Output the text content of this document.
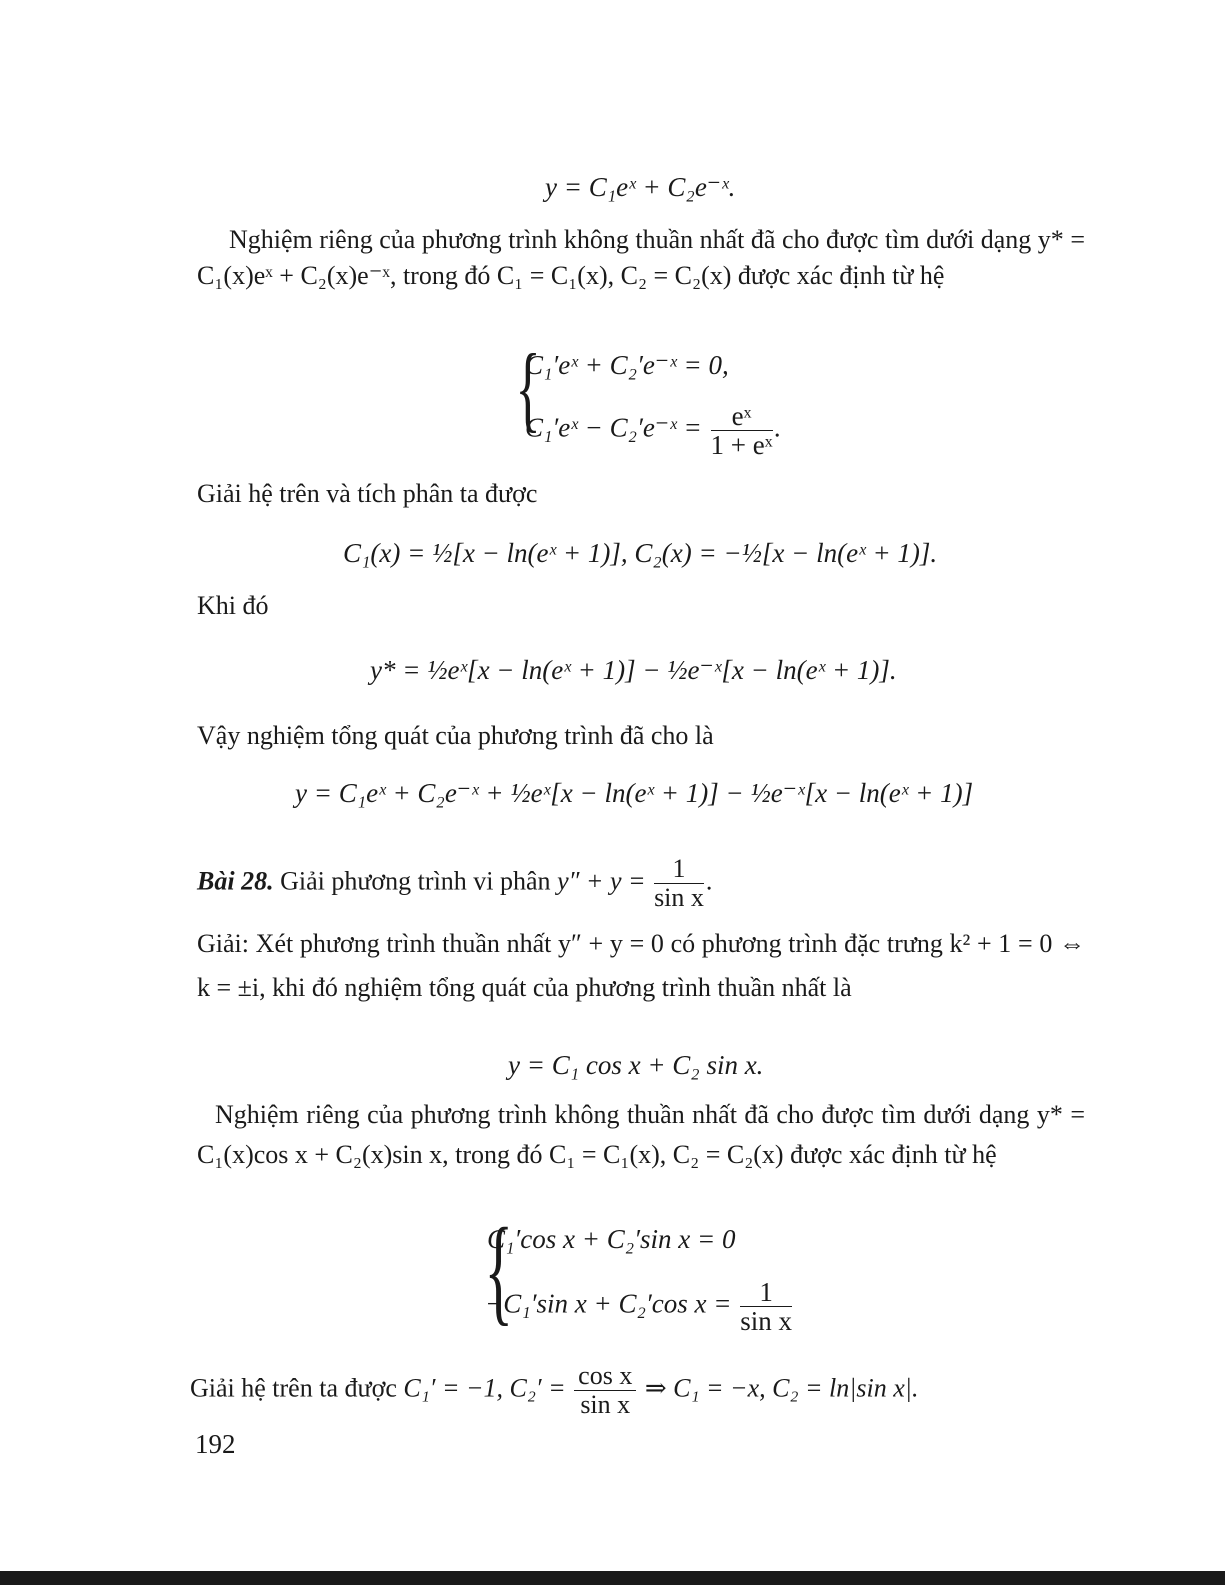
y = C₁eˣ + C₂e⁻ˣ.
Nghiệm riêng của phương trình không thuần nhất đã cho được tìm dưới dạng y* = C₁(x)eˣ + C₂(x)e⁻ˣ, trong đó C₁ = C₁(x), C₂ = C₂(x) được xác định từ hệ
{
C₁′eˣ + C₂′e⁻ˣ = 0,
C₁′eˣ − C₂′e⁻ˣ = $\frac{\text{eˣ}}{\text{1 + eˣ}}$ .
Giải hệ trên và tích phân ta được
C₁(x) = ½[x − ln(eˣ + 1)], C₂(x) = −½[x − ln(eˣ + 1)].
Khi đó
y* = ½eˣ[x − ln(eˣ + 1)] − ½e⁻ˣ[x − ln(eˣ + 1)].
Vậy nghiệm tổng quát của phương trình đã cho là
y = C₁eˣ + C₂e⁻ˣ + ½eˣ[x − ln(eˣ + 1)] − ½e⁻ˣ[x − ln(eˣ + 1)]
Bài 28. Giải phương trình vi phân $y'' + y = \frac{1}{\text{sin x}}$ .
Giải: Xét phương trình thuần nhất y″ + y = 0 có phương trình đặc trưng k² + 1 = 0 ⇔ k = ±i, khi đó nghiệm tổng quát của phương trình thuần nhất là
y = C₁ cos x + C₂ sin x.
Nghiệm riêng của phương trình không thuần nhất đã cho được tìm dưới dạng y* = C₁(x)cos x + C₂(x)sin x, trong đó C₁ = C₁(x), C₂ = C₂(x) được xác định từ hệ
{
C₁′cos x + C₂′sin x = 0
−C₁′sin x + C₂′cos $x = \frac{1}{\text{sin x}}$
Giải hệ trên ta được C₁′ = −1, $C_2' = \frac{\text{cos x}}{\text{sin x}}$ ⇒ C₁ = −x, C₂ = ln|sin x|.
192
